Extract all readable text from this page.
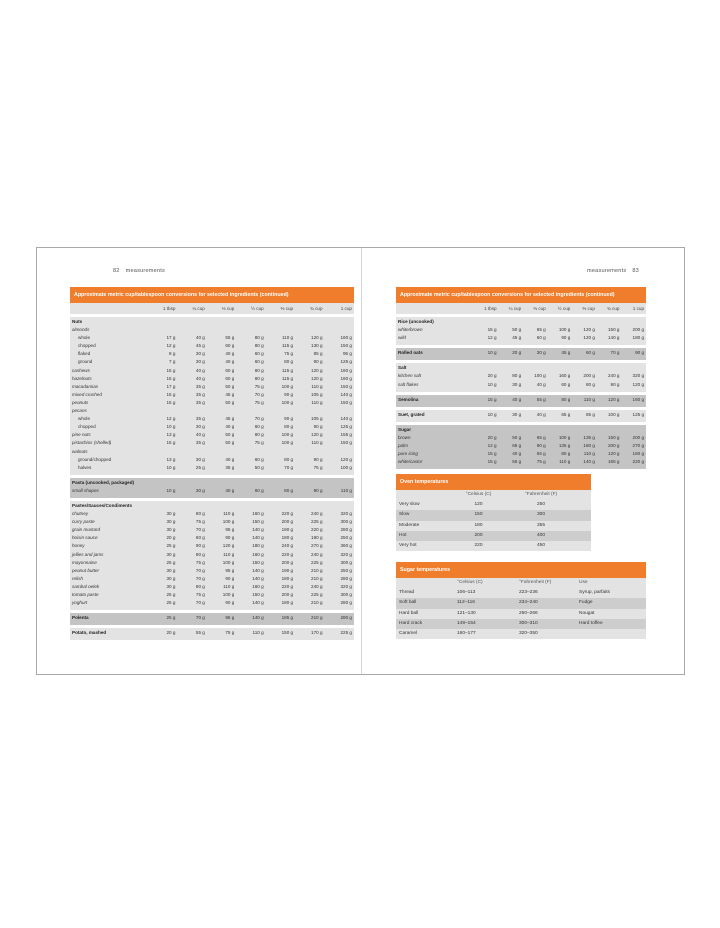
82 measurements
Approximate metric cup/tablespoon conversions for selected ingredients (continued)
1 tbsp	¼ cup	⅓ cup	½ cup	⅔ cup	¾ cup	1 cup
Nuts
almonds
whole	17 g	40 g	55 g	80 g	110 g	120 g	160 g
chopped	12 g	45 g	60 g	80 g	115 g	130 g	150 g
flaked	8 g	30 g	40 g	60 g	75 g	85 g	95 g
ground	7 g	30 g	40 g	60 g	80 g	90 g	125 g
cashews	15 g	40 g	60 g	80 g	115 g	120 g	160 g
hazelnuts	15 g	40 g	60 g	80 g	115 g	120 g	160 g
macadamias	17 g	35 g	50 g	75 g	100 g	110 g	150 g
mixed crushed	15 g	35 g	45 g	70 g	90 g	105 g	140 g
peanuts	15 g	35 g	50 g	75 g	100 g	110 g	150 g
pecans
whole	12 g	35 g	45 g	70 g	90 g	105 g	140 g
chopped	10 g	30 g	40 g	60 g	80 g	90 g	125 g
pine nuts	13 g	40 g	50 g	80 g	100 g	120 g	155 g
pistachios (shelled)	15 g	35 g	50 g	75 g	100 g	110 g	150 g
walnuts
ground/chopped	13 g	30 g	40 g	60 g	80 g	90 g	120 g
halves	10 g	25 g	35 g	50 g	70 g	75 g	100 g
Pasta (uncooked, packaged)
small shapes	10 g	30 g	40 g	60 g	80 g	90 g	110 g
Pastes/Sauces/Condiments
chutney	30 g	80 g	110 g	160 g	220 g	240 g	320 g
curry paste	30 g	75 g	100 g	150 g	200 g	225 g	300 g
grain mustard	30 g	70 g	95 g	140 g	190 g	220 g	280 g
hoisin sauce	20 g	60 g	90 g	140 g	180 g	190 g	250 g
honey	25 g	90 g	120 g	180 g	240 g	270 g	360 g
jellies and jams	30 g	80 g	110 g	160 g	220 g	240 g	320 g
mayonnaise	25 g	75 g	100 g	150 g	200 g	225 g	300 g
peanut butter	30 g	70 g	95 g	140 g	190 g	210 g	250 g
relish	30 g	70 g	90 g	140 g	180 g	210 g	280 g
sambal oelek	30 g	80 g	110 g	160 g	220 g	240 g	320 g
tomato paste	25 g	75 g	100 g	150 g	200 g	225 g	300 g
yoghurt	25 g	70 g	90 g	140 g	180 g	210 g	280 g
Polenta	25 g	70 g	95 g	140 g	185 g	210 g	280 g
Potato, mashed	20 g	55 g	75 g	110 g	150 g	170 g	225 g
measurements 83
Approximate metric cup/tablespoon conversions for selected ingredients (continued)
1 tbsp	¼ cup	⅓ cup	½ cup	⅔ cup	¾ cup	1 cup
Rice (uncooked)
white/brown	15 g	50 g	65 g	100 g	120 g	150 g	200 g
wild	12 g	45 g	60 g	90 g	120 g	140 g	180 g
Rolled oats	10 g	20 g	30 g	45 g	60 g	70 g	90 g
Salt
kitchen salt	20 g	80 g	100 g	160 g	200 g	240 g	320 g
salt flakes	10 g	30 g	40 g	60 g	80 g	90 g	120 g
Semolina	15 g	40 g	55 g	80 g	110 g	120 g	160 g
Suet, grated	10 g	30 g	40 g	65 g	85 g	100 g	125 g
Sugar
brown	20 g	50 g	65 g	100 g	135 g	150 g	200 g
palm	12 g	65 g	90 g	135 g	180 g	200 g	270 g
pure icing	15 g	40 g	55 g	80 g	110 g	120 g	160 g
white/castor	15 g	55 g	75 g	110 g	140 g	165 g	220 g
Oven temperatures
°Celsius (C)	°Fahrenheit (F)
Very slow	120	250
Slow	150	300
Moderate	180	355
Hot	200	400
Very hot	220	450
Sugar temperatures
°Celsius (C)	°Fahrenheit (F)	Use
Thread	106–113	223–236	Syrup, parfaits
Soft ball	112–116	234–240	Fudge
Hard ball	121–130	250–266	Nougat
Hard crack	149–154	300–310	Hard toffee
Caramel	160–177	320–350
